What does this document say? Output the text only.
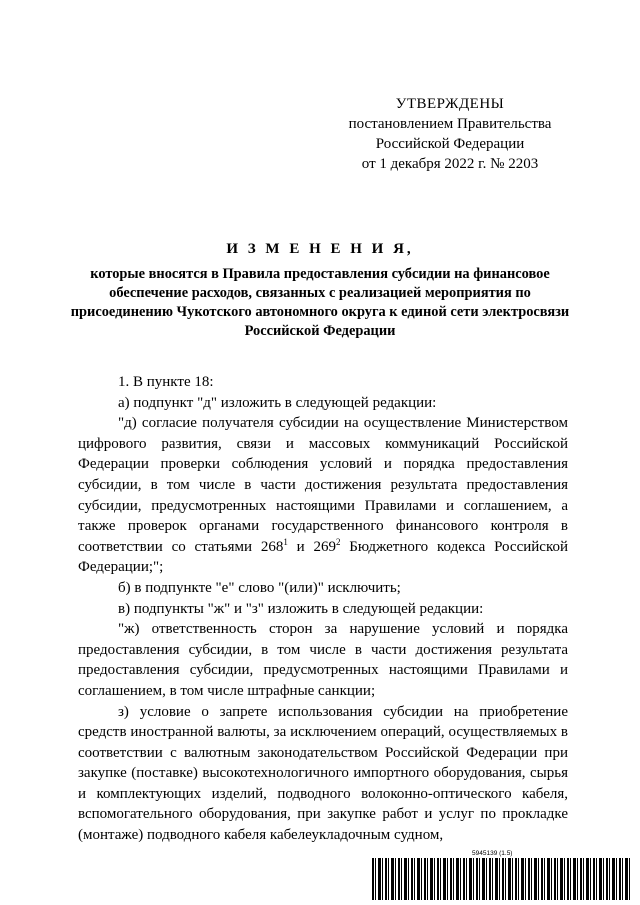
УТВЕРЖДЕНЫ
постановлением Правительства
Российской Федерации
от 1 декабря 2022 г. № 2203
И З М Е Н Е Н И Я,
которые вносятся в Правила предоставления субсидии на финансовое обеспечение расходов, связанных с реализацией мероприятия по присоединению Чукотского автономного округа к единой сети электросвязи Российской Федерации

1. В пункте 18:

а) подпункт "д" изложить в следующей редакции:

"д) согласие получателя субсидии на осуществление Министерством цифрового развития, связи и массовых коммуникаций Российской Федерации проверки соблюдения условий и порядка предоставления субсидии, в том числе в части достижения результата предоставления субсидии, предусмотренных настоящими Правилами и соглашением, а также проверок органами государственного финансового контроля в соответствии со статьями $268^1$ и $269^2$ Бюджетного кодекса Российской Федерации;";

б) в подпункте "е" слово "(или)" исключить;

в) подпункты "ж" и "з" изложить в следующей редакции:

"ж) ответственность сторон за нарушение условий и порядка предоставления субсидии, в том числе в части достижения результата предоставления субсидии, предусмотренных настоящими Правилами и соглашением, в том числе штрафные санкции;

з) условие о запрете использования субсидии на приобретение средств иностранной валюты, за исключением операций, осуществляемых в соответствии с валютным законодательством Российской Федерации при закупке (поставке) высокотехнологичного импортного оборудования, сырья и комплектующих изделий, подводного волоконно-оптического кабеля, вспомогательного оборудования, при закупке работ и услуг по прокладке (монтаже) подводного кабеля кабелеукладочным судном,

5945139 (1.5)
